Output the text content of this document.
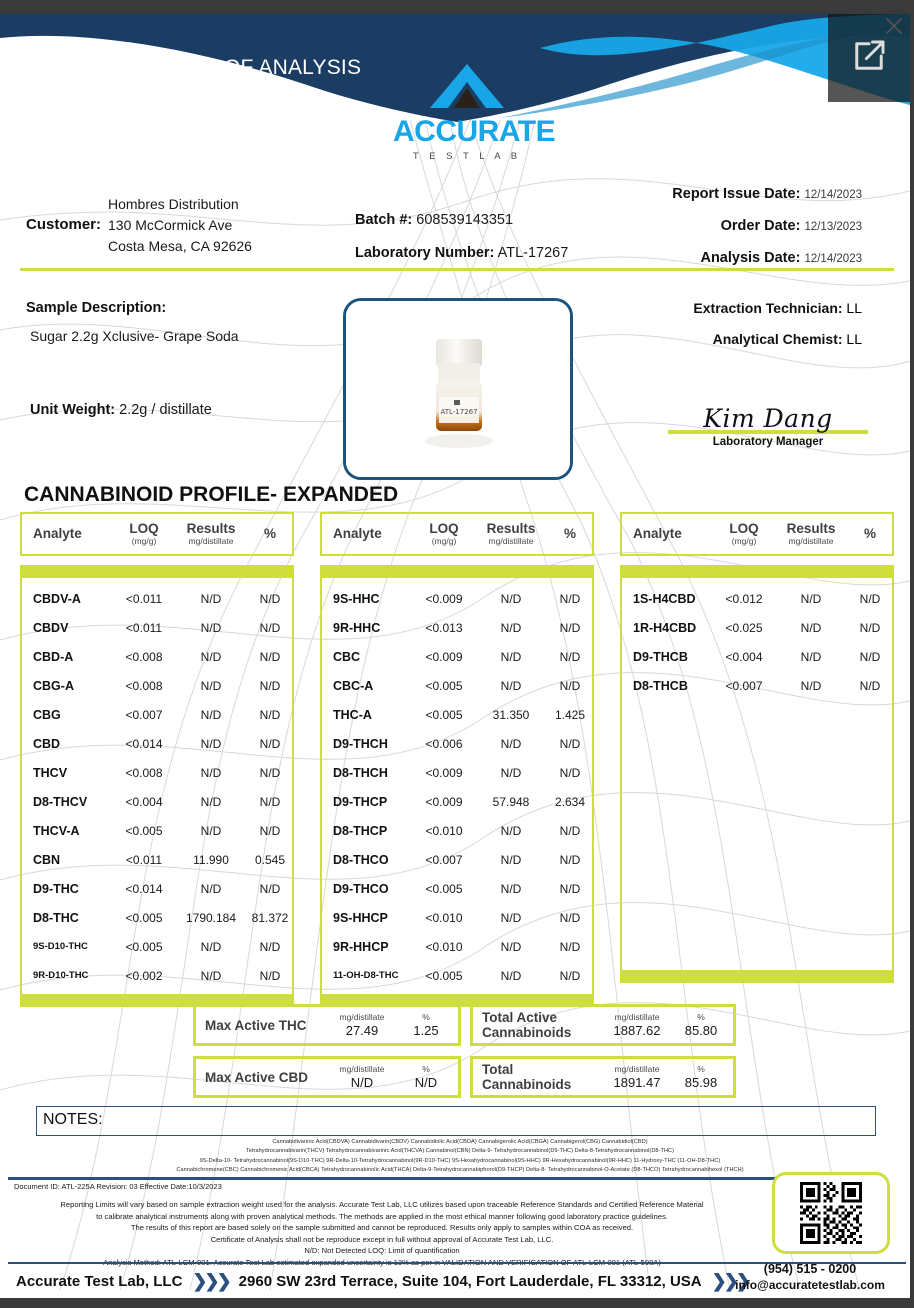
CERTIFICATE OF ANALYSIS
ACCURATE
T E S T L A B
Customer:
Hombres Distribution
130 McCormick Ave
Costa Mesa, CA 92626
Batch #: 608539143351
Laboratory Number: ATL-17267
Report Issue Date: 12/14/2023
Order Date: 12/13/2023
Analysis Date: 12/14/2023
Sample Description:
Sugar 2.2g Xclusive- Grape Soda
Unit Weight: 2.2g / distillate	ATL-17267
Extraction Technician: LL
Analytical Chemist: LL
Kim Dang
Laboratory Manager
CANNABINOID PROFILE- EXPANDED
Analyte	LOQ
(mg/g)
Results
mg/distillate	%
CBDV-A	<0.011	N/D	N/D
CBDV	<0.011	N/D	N/D
CBD-A	<0.008	N/D	N/D
CBG-A	<0.008	N/D	N/D
CBG	<0.007	N/D	N/D
CBD	<0.014	N/D	N/D
THCV	<0.008	N/D	N/D
D8-THCV	<0.004	N/D	N/D
THCV-A	<0.005	N/D	N/D
CBN	<0.011	11.990	0.545
D9-THC	<0.014	N/D	N/D
D8-THC	<0.005	1790.184	81.372
9S-D10-THC	<0.005	N/D	N/D
9R-D10-THC	<0.002	N/D	N/D
Analyte	LOQ
(mg/g)
Results
mg/distillate	%
9S-HHC	<0.009	N/D	N/D
9R-HHC	<0.013	N/D	N/D
CBC	<0.009	N/D	N/D
CBC-A	<0.005	N/D	N/D
THC-A	<0.005	31.350	1.425
D9-THCH	<0.006	N/D	N/D
D8-THCH	<0.009	N/D	N/D
D9-THCP	<0.009	57.948	2.634
D8-THCP	<0.010	N/D	N/D
D8-THCO	<0.007	N/D	N/D
D9-THCO	<0.005	N/D	N/D
9S-HHCP	<0.010	N/D	N/D
9R-HHCP	<0.010	N/D	N/D
11-OH-D8-THC	<0.005	N/D	N/D
Analyte	LOQ
(mg/g)
Results
mg/distillate	%
1S-H4CBD	<0.012	N/D	N/D
1R-H4CBD	<0.025	N/D	N/D
D9-THCB	<0.004	N/D	N/D
D8-THCB	<0.007	N/D	N/D
Max Active THC
mg/distillate
27.49
%
1.25
Max Active CBD
mg/distillate
N/D
%
N/D
Total Active
Cannabinoids
mg/distillate
1887.62
%
85.80
Total
Cannabinoids
mg/distillate
1891.47
%
85.98
NOTES:
Cannabidivarinic Acid(CBDVA) Cannabidivarin(CBDV) Cannabidiolic Acid(CBDA) Cannabigerolic Acid(CBGA) Cannabigerol(CBG) Cannabidiol(CBD)
Tetrahydrocannabivarin(THCV) Tetrahydrocannabivarinic Acid(THCVA) Cannabinol(CBN) Delta-9- Tetrahydrocannabinol(D9-THC) Delta-8-Tetrahydrocannabinol(D8-THC)
9S-Delta-10- Tetrahydrocannabinol(9S-D10-THC) 9R-Delta-10-Tetrahydrocannabinol(9R-D10-THC) 9S-Hexahydrocannabinol(9S-HHC) 9R-Hexahydrocannabinol(9R-HHC) 11-Hydroxy-THC (11-OH-D8-THC)
Cannabichromene(CBC) Cannabichromenic Acid(CBCA) Tetrahydrocannabinolic Acid(THCA) Delta-9-Tetrahydrocannabiphorol(D9-THCP) Delta-8- Tetrahydrocannabinol-O-Acetate (D8-THCO) Tetrahydrocannabihexol (THCH)
Document ID: ATL-225A Revision: 03 Effective Date:10/3/2023
Reporting Limits will vary based on sample extraction weight used for the analysis. Accurate Test Lab, LLC utilizes based upon traceable Reference Standards and Certified Reference Material
to calibrate analytical instruments along with proven analytical methods. The methods are applied in the most ethical manner following good laboratory practice guidelines.
The results of this report are based solely on the sample submitted and cannot be reproduced. Results only apply to samples within COA as received.
Certificate of Analysis shall not be reproduce except in full without approval of Accurate Test Lab, LLC.
N/D: Not Detected LOQ: Limit of quantification
(954) 515 - 0200
info@accuratetestlab.com
Accurate Test Lab, LLC ❯❯❯ 2960 SW 23rd Terrace, Suite 104, Fort Lauderdale, FL 33312, USA ❯❯❯
